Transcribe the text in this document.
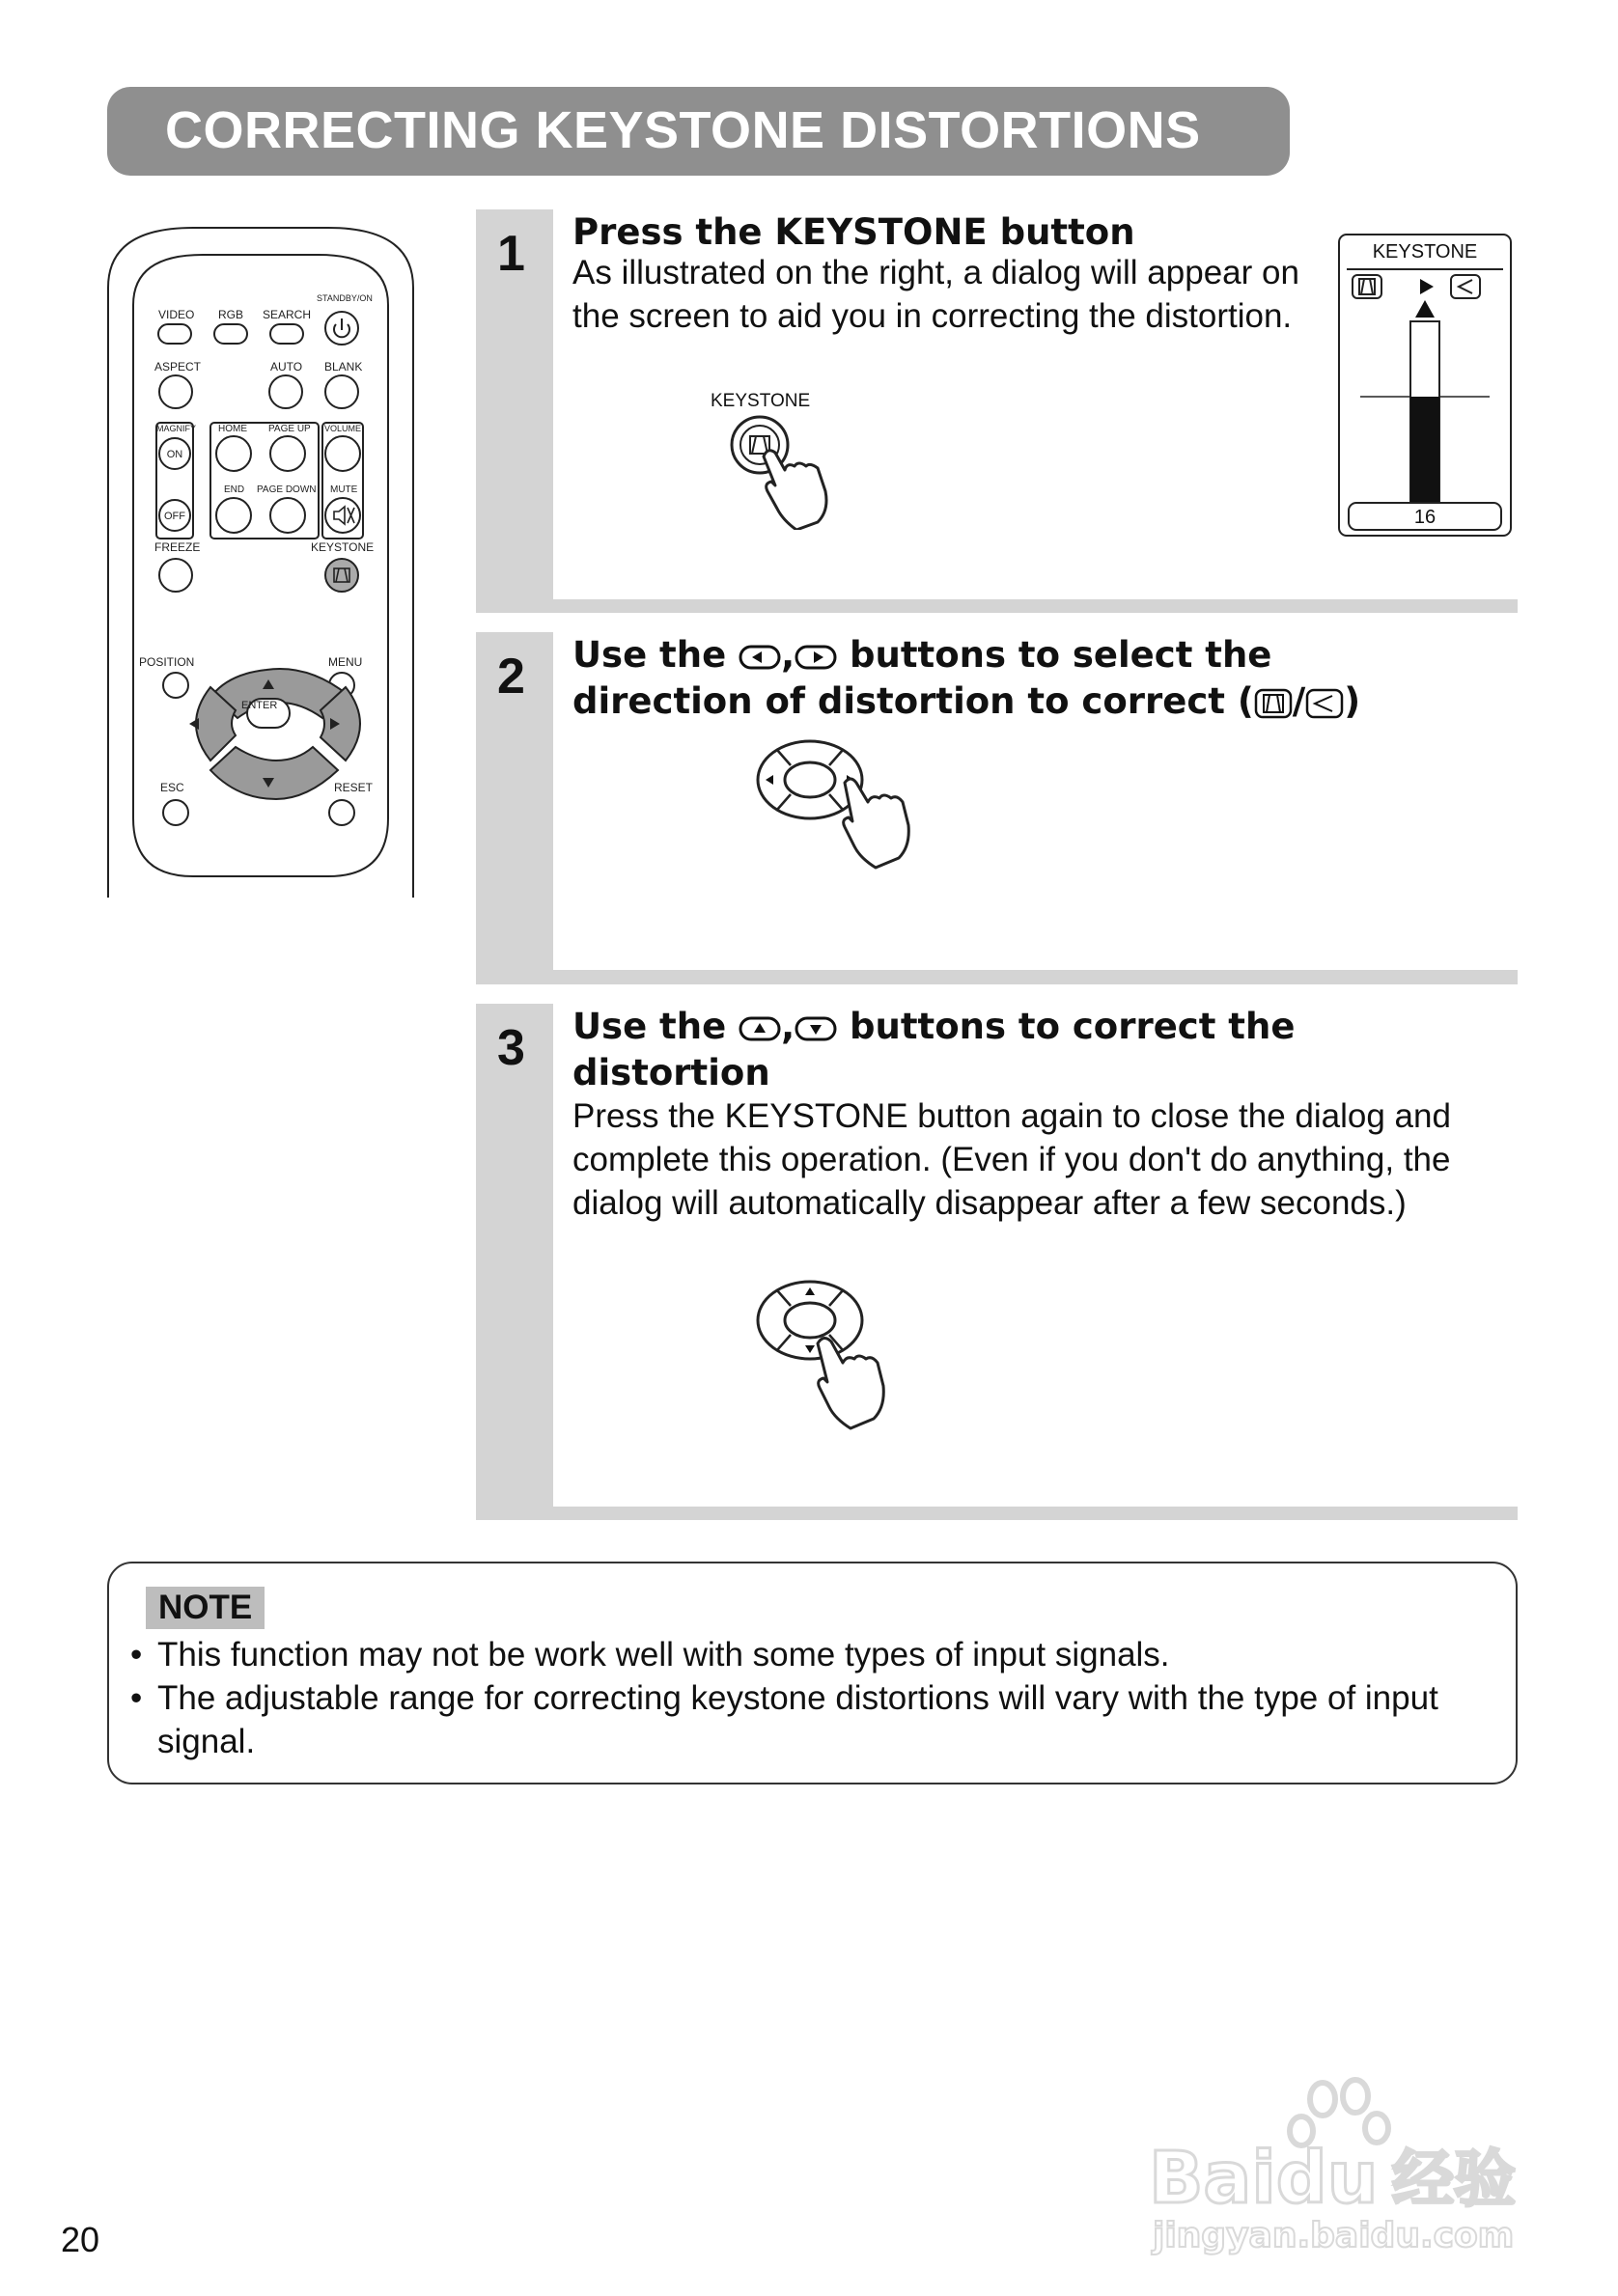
CORRECTING KEYSTONE DISTORTIONS
STANDBY/ON
VIDEO RGB SEARCH
ASPECT	AUTO BLANK
MAGNIFY HOME PAGE UP VOLUME
END PAGE DOWN MUTE
FREEZE	KEYSTONE
POSITION	MENU
ESC	RESET
ON
OFF
ENTER
1 Press the KEYSTONE button
As illustrated on the right, a dialog will appear on the screen to aid you in correcting the distortion.
KEYSTONE
KEYSTONE
16
2 Use the , buttons to select the
direction of distortion to correct ( / )
3 Use the , buttons to correct the
distortion
Press the KEYSTONE button again to close the dialog and complete this operation. (Even if you don't do anything, the dialog will automatically disappear after a few seconds.)
NOTE
• This function may not be work well with some types of input signals.
• The adjustable range for correcting keystone distortions will vary with the type of input signal.
20
Baidu 经验
jingyan.baidu.com
